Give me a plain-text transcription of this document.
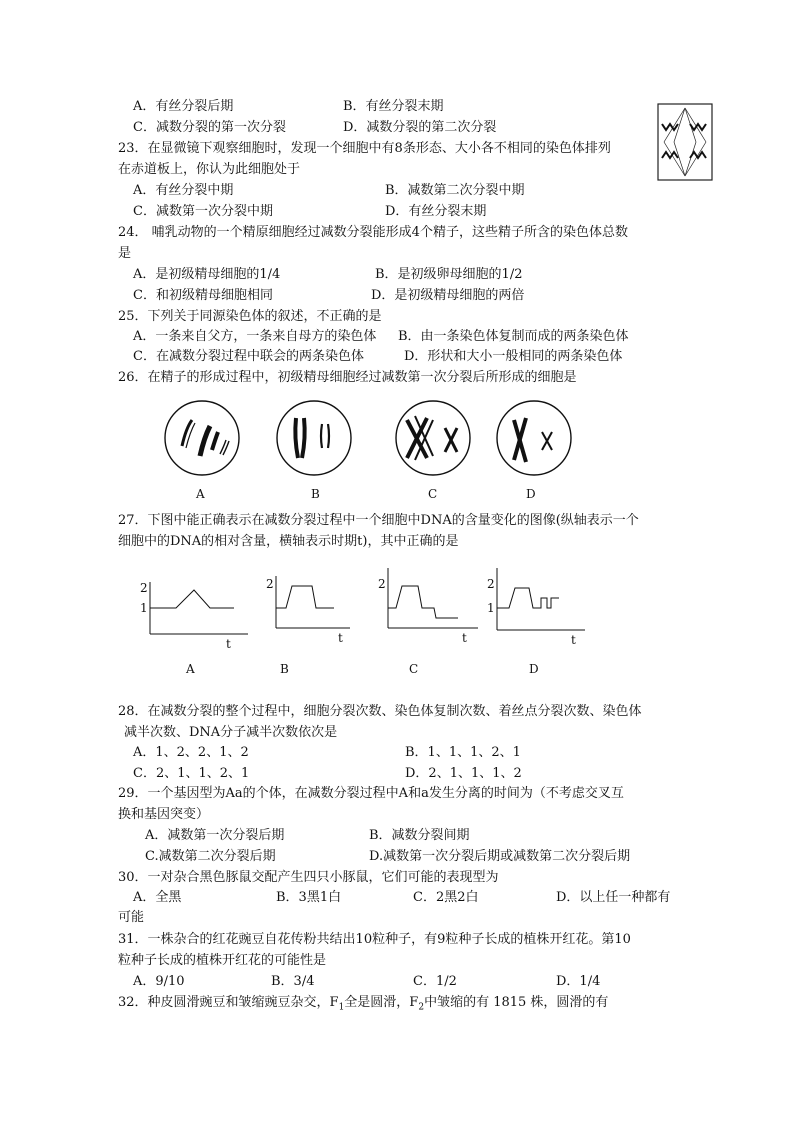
A．有丝分裂后期	B．有丝分裂末期
C．减数分裂的第一次分裂	D．减数分裂的第二次分裂
23．在显微镜下观察细胞时，发现一个细胞中有8条形态、大小各不相同的染色体排列
在赤道板上，你认为此细胞处于
A．有丝分裂中期	B．减数第二次分裂中期
C．减数第一次分裂中期	D．有丝分裂末期
24． 哺乳动物的一个精原细胞经过减数分裂能形成4个精子，这些精子所含的染色体总数
是
A．是初级精母细胞的1/4	B．是初级卵母细胞的1/2
C．和初级精母细胞相同	D．是初级精母细胞的两倍
25．下列关于同源染色体的叙述，不正确的是
A．一条来自父方，一条来自母方的染色体 B．由一条染色体复制而成的两条染色体
C．在减数分裂过程中联会的两条染色体	D．形状和大小一般相同的两条染色体
26．在精子的形成过程中，初级精母细胞经过减数第一次分裂后所形成的细胞是
A	B	C	D
27．下图中能正确表示在减数分裂过程中一个细胞中DNA的含量变化的图像(纵轴表示一个
细胞中的DNA的相对含量，横轴表示时期t)，其中正确的是
2
1
t
2
t
2
t
2
1
t
A	B	C	D
28．在减数分裂的整个过程中，细胞分裂次数、染色体复制次数、着丝点分裂次数、染色体
减半次数、DNA分子减半次数依次是
A．1、2、2、1、2	B．1、1、1、2、1
C．2、1、1、2、1	D．2、1、1、1、2
29．一个基因型为Aa的个体，在减数分裂过程中A和a发生分离的时间为（不考虑交叉互
换和基因突变）
A．减数第一次分裂后期	B．减数分裂间期
C.减数第二次分裂后期	D.减数第一次分裂后期或减数第二次分裂后期
30．一对杂合黑色豚鼠交配产生四只小豚鼠，它们可能的表现型为
A．全黑	B．3黑1白	C．2黑2白	D．以上任一种都有
可能
31．一株杂合的红花豌豆自花传粉共结出10粒种子，有9粒种子长成的植株开红花。第10
粒种子长成的植株开红花的可能性是
A．9/10	B．3/4	C．1/2	D．1/4
32．种皮圆滑豌豆和皱缩豌豆杂交，$F_1$全是圆滑，$F_2$中皱缩的有 1815 株，圆滑的有
